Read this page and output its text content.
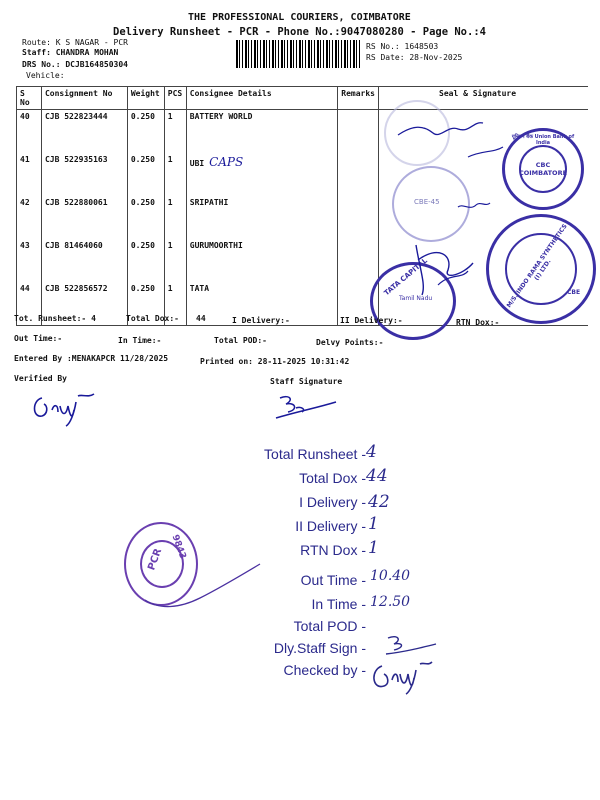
THE PROFESSIONAL COURIERS, COIMBATORE
Delivery Runsheet - PCR - Phone No.:9047080280 - Page No.:4
Route: K S NAGAR - PCR
Staff: CHANDRA MOHAN
DRS No.: DCJB164850304
Vehicle:
RS No.: 1648503
RS Date: 28-Nov-2025
S No	Consignment No	Weight	PCS	Consignee Details	Remarks	Seal & Signature
40	CJB 522823444	0.250	1	BATTERY WORLD		
41	CJB 522935163	0.250	1	UBI CAPS		
42	CJB 522880061	0.250	1	SRIPATHI		
43	CJB 81464060	0.250	1	GURUMOORTHI		
44	CJB 522856572	0.250	1	TATA		
यूनियन बैंक Union Bank of India
CBC COIMBATORE
CBE-45
TATA CAPITAL
Tamil Nadu	M/S. INDO RAMA SYNTHETICS (I) LTD.
CBE
Tot. Runsheet:- 4	Total Dox:- 44	I Delivery:-	II Delivery:-	RTN Dox:-
Out Time:-	In Time:-	Total POD:-	Delvy Points:-
Entered By :MENAKAPCR 11/28/2025	Printed on: 28-11-2025 10:31:42
Verified By	Staff Signature
PCR 9843
Total Runsheet - 4
Total Dox - 44
I Delivery - 42
II Delivery - 1
RTN Dox - 1
Out Time - 10.40
In Time - 12.50
Total POD -
Dly.Staff Sign -
Checked by -
